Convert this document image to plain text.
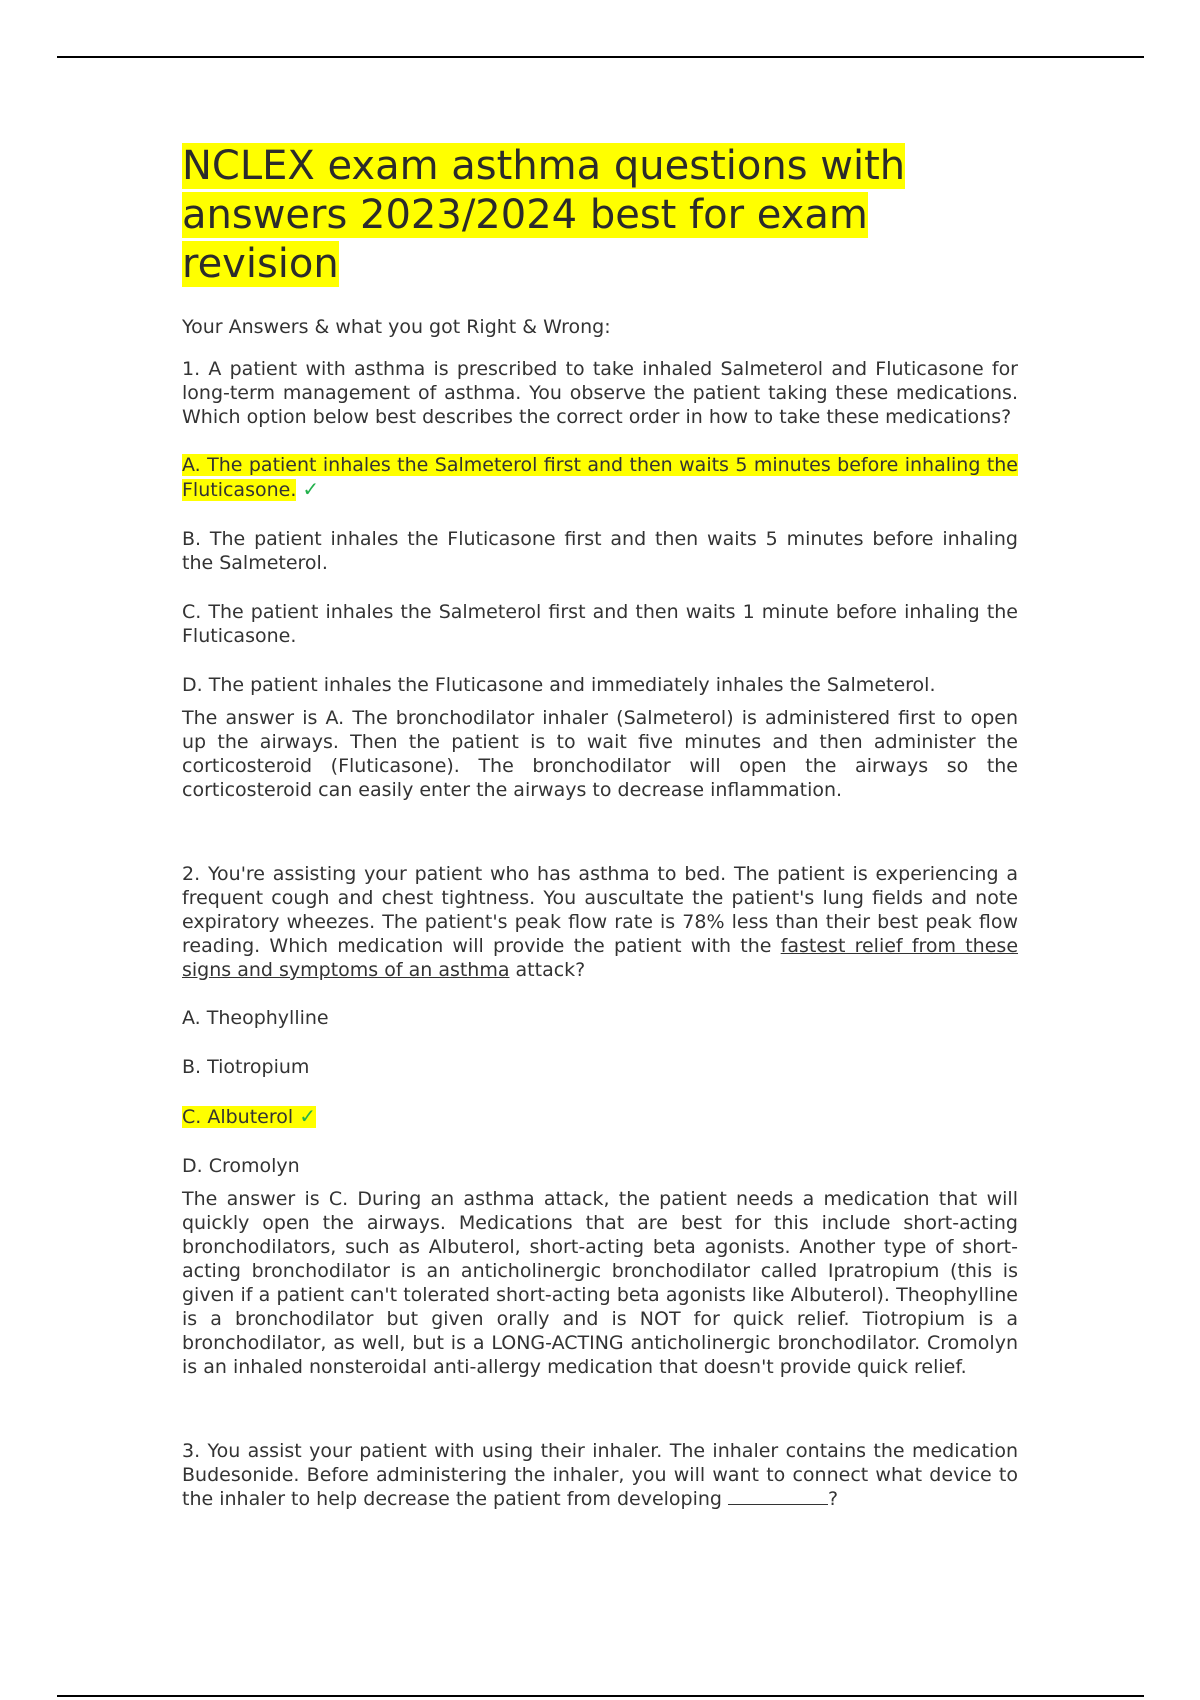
NCLEX exam asthma questions with answers 2023/2024 best for exam revision

Your Answers & what you got Right & Wrong:

1. A patient with asthma is prescribed to take inhaled Salmeterol and Fluticasone for long-term management of asthma. You observe the patient taking these medications. Which option below best describes the correct order in how to take these medications?

A. The patient inhales the Salmeterol first and then waits 5 minutes before inhaling the Fluticasone. ✓

B. The patient inhales the Fluticasone first and then waits 5 minutes before inhaling the Salmeterol.

C. The patient inhales the Salmeterol first and then waits 1 minute before inhaling the Fluticasone.

D. The patient inhales the Fluticasone and immediately inhales the Salmeterol.

The answer is A. The bronchodilator inhaler (Salmeterol) is administered first to open up the airways. Then the patient is to wait five minutes and then administer the corticosteroid (Fluticasone). The bronchodilator will open the airways so the corticosteroid can easily enter the airways to decrease inflammation.

2. You're assisting your patient who has asthma to bed. The patient is experiencing a frequent cough and chest tightness. You auscultate the patient's lung fields and note expiratory wheezes. The patient's peak flow rate is 78% less than their best peak flow reading. Which medication will provide the patient with the fastest relief from these signs and symptoms of an asthma attack?

A. Theophylline

B. Tiotropium

C. Albuterol ✓

D. Cromolyn

The answer is C. During an asthma attack, the patient needs a medication that will quickly open the airways. Medications that are best for this include short-acting bronchodilators, such as Albuterol, short-acting beta agonists. Another type of short-acting bronchodilator is an anticholinergic bronchodilator called Ipratropium (this is given if a patient can't tolerated short-acting beta agonists like Albuterol). Theophylline is a bronchodilator but given orally and is NOT for quick relief. Tiotropium is a bronchodilator, as well, but is a LONG-ACTING anticholinergic bronchodilator. Cromolyn is an inhaled nonsteroidal anti-allergy medication that doesn't provide quick relief.

3. You assist your patient with using their inhaler. The inhaler contains the medication Budesonide. Before administering the inhaler, you will want to connect what device to the inhaler to help decrease the patient from developing	?
